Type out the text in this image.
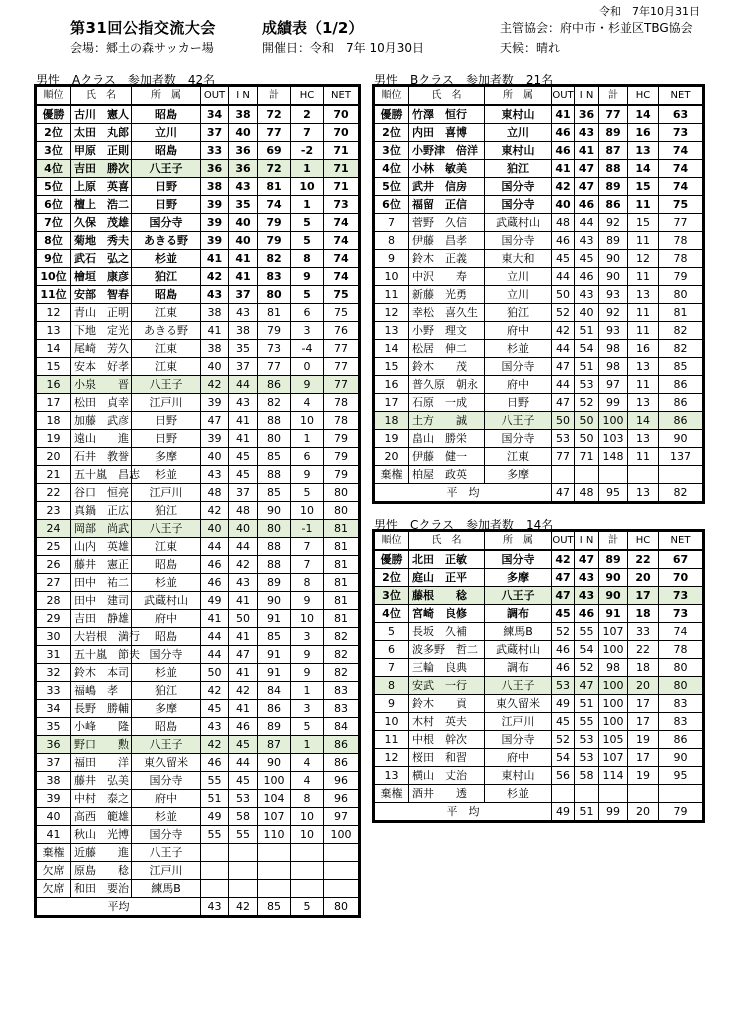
令和　7年10月31日
第31回公指交流大会	成績表（1/2）	主管協会：府中市・杉並区TBG協会
会場：郷土の森サッカー場	開催日：令和　7年 10月30日	天候：晴れ
男性　Aクラス　参加者数　42名
順位	氏　名	所　属	OUT	I N	計	HC	NET
優勝	古川　憲人	昭島	34	38	72	2	70
2位	太田　丸郎	立川	37	40	77	7	70
3位	甲原　正則	昭島	33	36	69	-2	71
4位	吉田　勝次	八王子	36	36	72	1	71
5位	上原　英喜	日野	38	43	81	10	71
6位	檀上　浩二	日野	39	35	74	1	73
7位	久保　茂雄	国分寺	39	40	79	5	74
8位	菊地　秀夫	あきる野	39	40	79	5	74
9位	武石　弘之	杉並	41	41	82	8	74
10位	檜垣　康彦	狛江	42	41	83	9	74
11位	安部　智春	昭島	43	37	80	5	75
12	青山　正明	江東	38	43	81	6	75
13	下地　定光	あきる野	41	38	79	3	76
14	尾崎　芳久	江東	38	35	73	-4	77
15	安本　好孝	江東	40	37	77	0	77
16	小泉　　晋	八王子	42	44	86	9	77
17	松田　貞幸	江戸川	39	43	82	4	78
18	加藤　武彦	日野	47	41	88	10	78
19	遠山　　進	日野	39	41	80	1	79
20	石井　教誉	多摩	40	45	85	6	79
21	五十嵐　昌志	杉並	43	45	88	9	79
22	谷口　恒亮	江戸川	48	37	85	5	80
23	真鍋　正広	狛江	42	48	90	10	80
24	岡部　尚武	八王子	40	40	80	-1	81
25	山内　英雄	江東	44	44	88	7	81
26	藤井　憲正	昭島	46	42	88	7	81
27	田中　祐二	杉並	46	43	89	8	81
28	田中　建司	武蔵村山	49	41	90	9	81
29	吉田　静雄	府中	41	50	91	10	81
30	大岩根　満行	昭島	44	41	85	3	82
31	五十嵐　節夫	国分寺	44	47	91	9	82
32	鈴木　本司	杉並	50	41	91	9	82
33	福嶋　孝	狛江	42	42	84	1	83
34	長野　勝輔	多摩	45	41	86	3	83
35	小峰　　隆	昭島	43	46	89	5	84
36	野口　　勲	八王子	42	45	87	1	86
37	福田　　洋	東久留米	46	44	90	4	86
38	藤井　弘美	国分寺	55	45	100	4	96
39	中村　泰之	府中	51	53	104	8	96
40	高西　範雄	杉並	49	58	107	10	97
41	秋山　光博	国分寺	55	55	110	10	100
棄権	近藤　　進	八王子					
欠席	原島　　稔	江戸川					
欠席	和田　要治	練馬B					
平均			43	42	85	5	80
男性　Bクラス　参加者数　21名
順位	氏　名	所　属	OUT	I N	計	HC	NET
優勝	竹澤　恒行	東村山	41	36	77	14	63
2位	内田　喜博	立川	46	43	89	16	73
3位	小野津　倍洋	東村山	46	41	87	13	74
4位	小林　敏美	狛江	41	47	88	14	74
5位	武井　信房	国分寺	42	47	89	15	74
6位	福留　正信	国分寺	40	46	86	11	75
7	菅野　久信	武蔵村山	48	44	92	15	77
8	伊藤　昌孝	国分寺	46	43	89	11	78
9	鈴木　正義	東大和	45	45	90	12	78
10	中沢　　寿	立川	44	46	90	11	79
11	新藤　光勇	立川	50	43	93	13	80
12	幸松　喜久生	狛江	52	40	92	11	81
13	小野　理文	府中	42	51	93	11	82
14	松居　伸二	杉並	44	54	98	16	82
15	鈴木　　茂	国分寺	47	51	98	13	85
16	普久原　朝永	府中	44	53	97	11	86
17	石原　一成	日野	47	52	99	13	86
18	土方　　誠	八王子	50	50	100	14	86
19	畠山　勝栄	国分寺	53	50	103	13	90
20	伊藤　健一	江東	77	71	148	11	137
棄権	柏屋　政英	多摩					
平　均			47	48	95	13	82
男性　Cクラス　参加者数　14名
順位	氏　名	所　属	OUT	I N	計	HC	NET
優勝	北田　正敏	国分寺	42	47	89	22	67
2位	庭山　正平	多摩	47	43	90	20	70
3位	藤根　　稔	八王子	47	43	90	17	73
4位	宮崎　良修	調布	45	46	91	18	73
5	長坂　久補	練馬B	52	55	107	33	74
6	波多野　哲二	武蔵村山	46	54	100	22	78
7	三輪　良典	調布	46	52	98	18	80
8	安武　一行	八王子	53	47	100	20	80
9	鈴木　　貢	東久留米	49	51	100	17	83
10	木村　英夫	江戸川	45	55	100	17	83
11	中根　幹次	国分寺	52	53	105	19	86
12	桜田　和習	府中	54	53	107	17	90
13	横山　丈治	東村山	56	58	114	19	95
棄権	酒井　　透	杉並					
平　均			49	51	99	20	79
